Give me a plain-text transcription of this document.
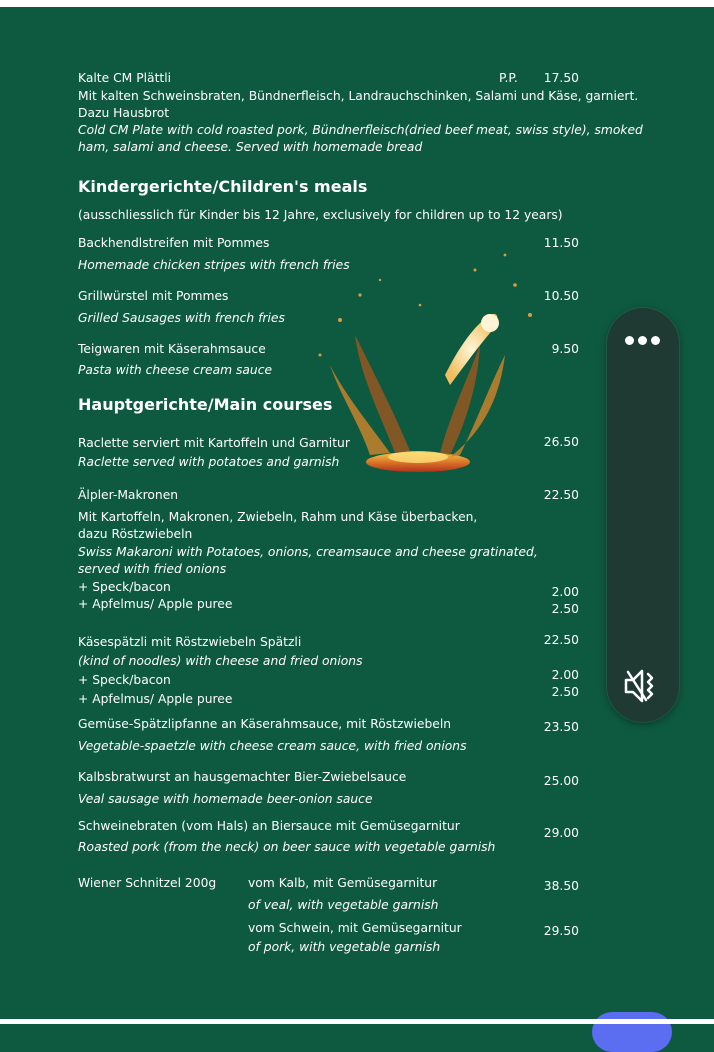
Kalte CM Plättli	P.P.	17.50
Mit kalten Schweinsbraten, Bündnerfleisch, Landrauchschinken, Salami und Käse, garniert.
Dazu Hausbrot
Cold CM Plate with cold roasted pork, Bündnerfleisch(dried beef meat, swiss style), smoked
ham, salami and cheese. Served with homemade bread
Kindergerichte/Children's meals
(ausschliesslich für Kinder bis 12 Jahre, exclusively for children up to 12 years)
Backhendlstreifen mit Pommes	11.50
Homemade chicken stripes with french fries
Grillwürstel mit Pommes	10.50
Grilled Sausages with french fries
Teigwaren mit Käserahmsauce	9.50
Pasta with cheese cream sauce
Hauptgerichte/Main courses
Raclette serviert mit Kartoffeln und Garnitur	26.50
Raclette served with potatoes and garnish
Älpler-Makronen	22.50
Mit Kartoffeln, Makronen, Zwiebeln, Rahm und Käse überbacken,
dazu Röstzwiebeln
Swiss Makaroni with Potatoes, onions, creamsauce and cheese gratinated,
served with fried onions
+ Speck/bacon	2.00
+ Apfelmus/ Apple puree	2.50
Käsespätzli mit Röstzwiebeln Spätzli	22.50
(kind of noodles) with cheese and fried onions
+ Speck/bacon	2.00
+ Apfelmus/ Apple puree	2.50
Gemüse-Spätzlipfanne an Käserahmsauce, mit Röstzwiebeln	23.50
Vegetable-spaetzle with cheese cream sauce, with fried onions
Kalbsbratwurst an hausgemachter Bier-Zwiebelsauce	25.00
Veal sausage with homemade beer-onion sauce
Schweinebraten (vom Hals) an Biersauce mit Gemüsegarnitur	29.00
Roasted pork (from the neck) on beer sauce with vegetable garnish
Wiener Schnitzel 200g	vom Kalb, mit Gemüsegarnitur	38.50
of veal, with vegetable garnish
vom Schwein, mit Gemüsegarnitur	29.50
of pork, with vegetable garnish
